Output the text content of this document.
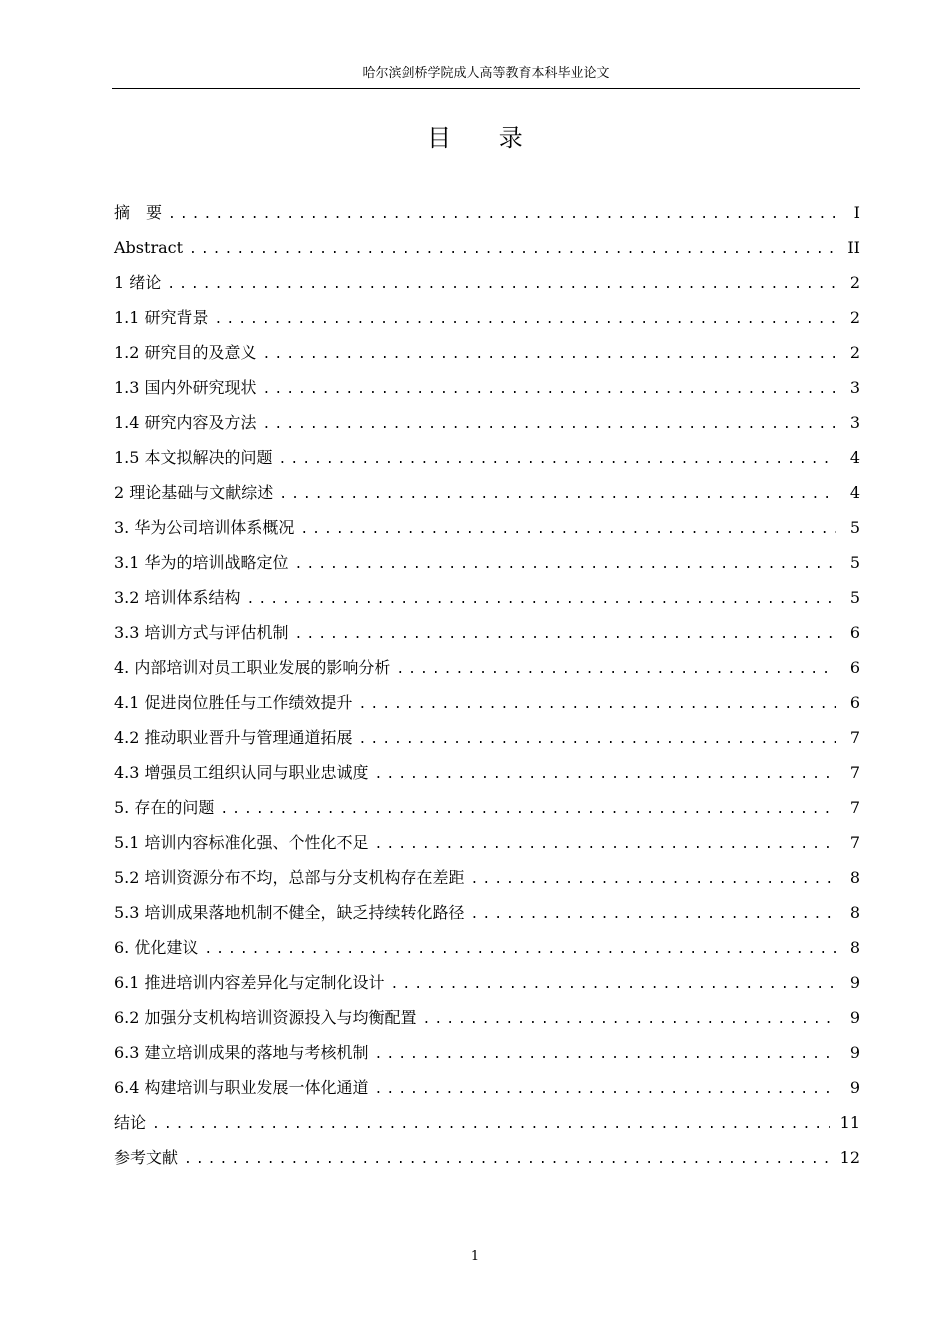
哈尔滨剑桥学院成人高等教育本科毕业论文
目 录
摘　要 .....	I
Abstract .....	II
1 绪论 .....	2
1.1 研究背景 .....	2
1.2 研究目的及意义 .....	2
1.3 国内外研究现状 .....	3
1.4 研究内容及方法 .....	3
1.5 本文拟解决的问题 .....	4
2 理论基础与文献综述 .....	4
3. 华为公司培训体系概况 .....	5
3.1 华为的培训战略定位 .....	5
3.2 培训体系结构 .....	5
3.3 培训方式与评估机制 .....	6
4. 内部培训对员工职业发展的影响分析 .....	6
4.1 促进岗位胜任与工作绩效提升 .....	6
4.2 推动职业晋升与管理通道拓展 .....	7
4.3 增强员工组织认同与职业忠诚度 .....	7
5. 存在的问题 .....	7
5.1 培训内容标准化强、个性化不足 .....	7
5.2 培训资源分布不均，总部与分支机构存在差距 .....	8
5.3 培训成果落地机制不健全，缺乏持续转化路径 .....	8
6. 优化建议 .....	8
6.1 推进培训内容差异化与定制化设计 .....	9
6.2 加强分支机构培训资源投入与均衡配置 .....	9
6.3 建立培训成果的落地与考核机制 .....	9
6.4 构建培训与职业发展一体化通道 .....	9
结论 .....	11
参考文献 .....	12
1
